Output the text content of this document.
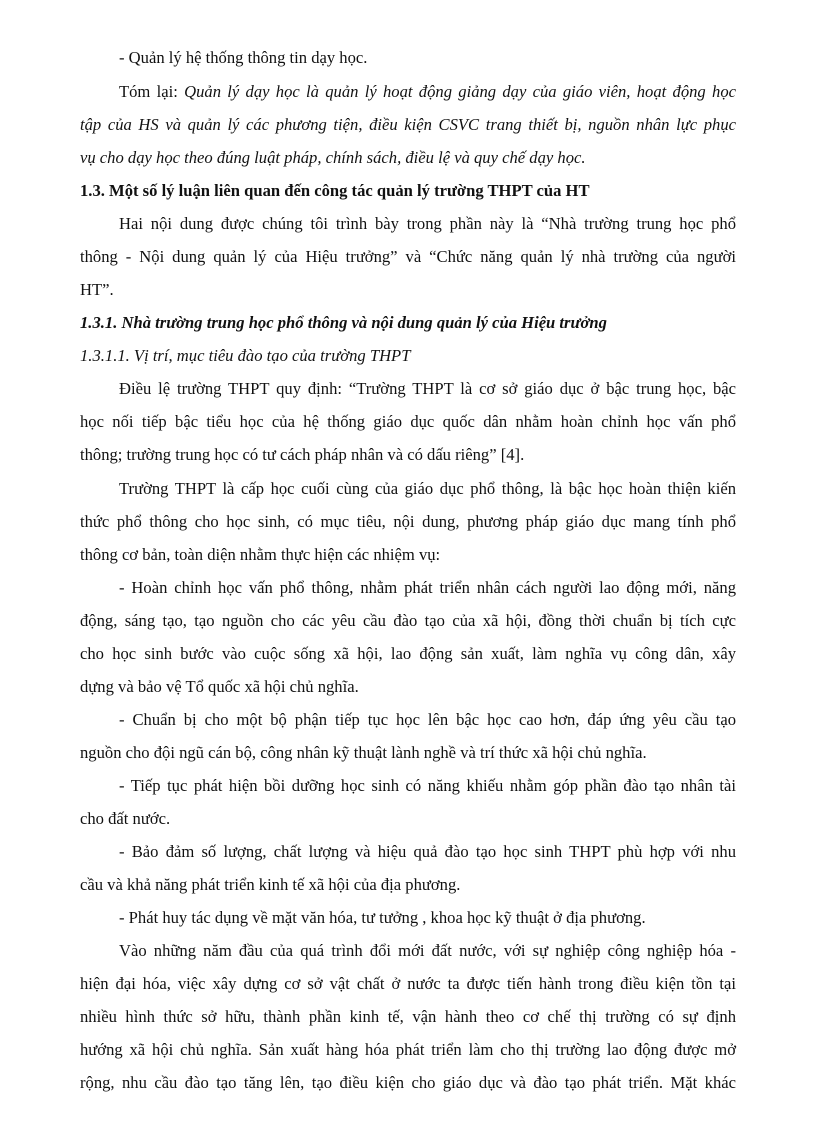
- Quản lý hệ thống thông tin dạy học.
Tóm lại: Quản lý dạy học là quản lý hoạt động giảng dạy của giáo viên, hoạt động học
tập của HS và quản lý các phương tiện, điều kiện CSVC trang thiết bị, nguồn nhân lực phục
vụ cho dạy học theo đúng luật pháp, chính sách, điều lệ và quy chế dạy học.
1.3. Một số lý luận liên quan đến công tác quản lý trường THPT của HT
Hai nội dung được chúng tôi trình bày trong phần này là “Nhà trường trung học phổ
thông - Nội dung quản lý của Hiệu trưởng” và “Chức năng quản lý nhà trường của người
HT”.
1.3.1. Nhà trường trung học phổ thông và nội dung quản lý của Hiệu trưởng
1.3.1.1. Vị trí, mục tiêu đào tạo của trường THPT
Điều lệ trường THPT quy định: “Trường THPT là cơ sở giáo dục ở bậc trung học, bậc
học nối tiếp bậc tiểu học của hệ thống giáo dục quốc dân nhằm hoàn chỉnh học vấn phổ
thông; trường trung học có tư cách pháp nhân và có dấu riêng” [4].
Trường THPT là cấp học cuối cùng của giáo dục phổ thông, là bậc học hoàn thiện kiến
thức phổ thông cho học sinh, có mục tiêu, nội dung, phương pháp giáo dục mang tính phổ
thông cơ bản, toàn diện nhằm thực hiện các nhiệm vụ:
- Hoàn chỉnh học vấn phổ thông, nhằm phát triển nhân cách người lao động mới, năng
động, sáng tạo, tạo nguồn cho các yêu cầu đào tạo của xã hội, đồng thời chuẩn bị tích cực
cho học sinh bước vào cuộc sống xã hội, lao động sản xuất, làm nghĩa vụ công dân, xây
dựng và bảo vệ Tổ quốc xã hội chủ nghĩa.
- Chuẩn bị cho một bộ phận tiếp tục học lên bậc học cao hơn, đáp ứng yêu cầu tạo
nguồn cho đội ngũ cán bộ, công nhân kỹ thuật lành nghề và trí thức xã hội chủ nghĩa.
- Tiếp tục phát hiện bồi dưỡng học sinh có năng khiếu nhằm góp phần đào tạo nhân tài
cho đất nước.
- Bảo đảm số lượng, chất lượng và hiệu quả đào tạo học sinh THPT phù hợp với nhu
cầu và khả năng phát triển kinh tế xã hội của địa phương.
- Phát huy tác dụng về mặt văn hóa, tư tưởng , khoa học kỹ thuật ở địa phương.
Vào những năm đầu của quá trình đổi mới đất nước, với sự nghiệp công nghiệp hóa -
hiện đại hóa, việc xây dựng cơ sở vật chất ở nước ta được tiến hành trong điều kiện tồn tại
nhiều hình thức sở hữu, thành phần kinh tế, vận hành theo cơ chế thị trường có sự định
hướng xã hội chủ nghĩa. Sản xuất hàng hóa phát triển làm cho thị trường lao động được mở
rộng, nhu cầu đào tạo tăng lên, tạo điều kiện cho giáo dục và đào tạo phát triển. Mặt khác
